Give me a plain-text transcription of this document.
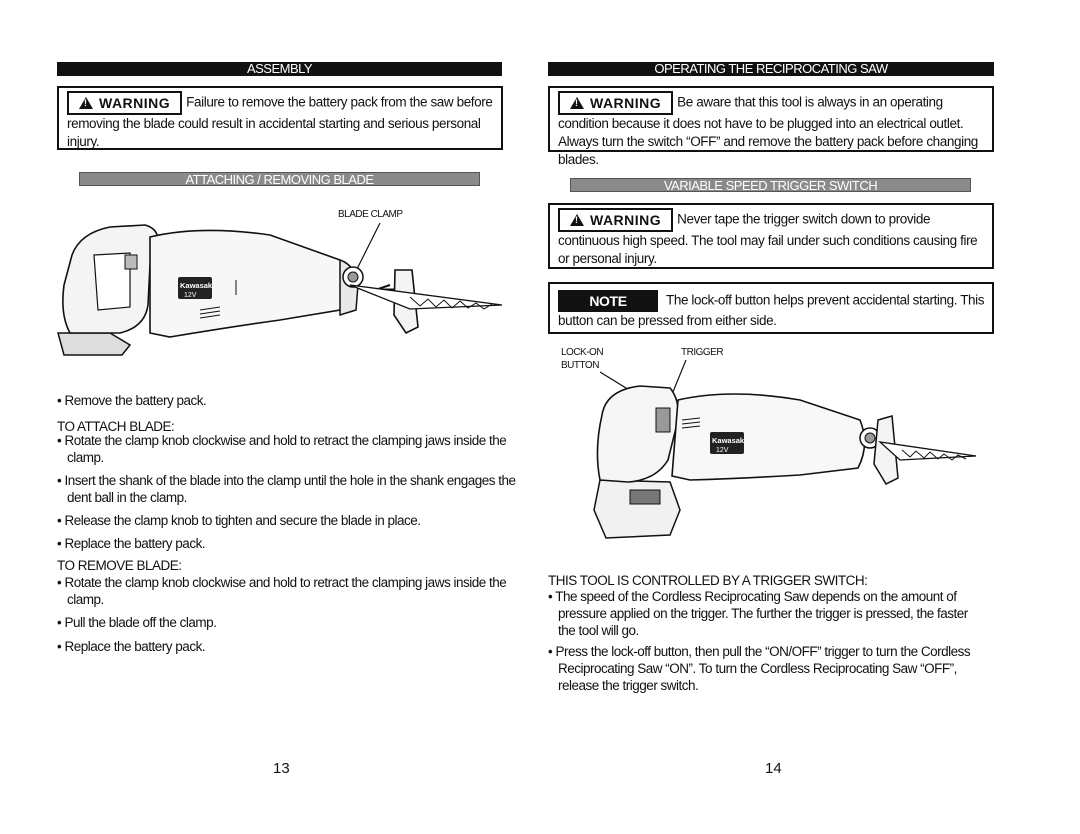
ASSEMBLY
!WARNING Failure to remove the battery pack from the saw before removing the blade could result in accidental starting and serious personal injury.
ATTACHING / REMOVING BLADE
BLADE CLAMP
Kawasaki
12V
• Remove the battery pack.
TO ATTACH BLADE:
• Rotate the clamp knob clockwise and hold to retract the clamping jaws inside the clamp.
• Insert the shank of the blade into the clamp until the hole in the shank engages the dent ball in the clamp.
• Release the clamp knob to tighten and secure the blade in place.
• Replace the battery pack.
TO REMOVE BLADE:
• Rotate the clamp knob clockwise and hold to retract the clamping jaws inside the clamp.
• Pull the blade off the clamp.
• Replace the battery pack.
13
OPERATING THE RECIPROCATING SAW
!WARNING Be aware that this tool is always in an operating condition because it does not have to be plugged into an electrical outlet. Always turn the switch “OFF” and remove the battery pack before changing blades.
VARIABLE SPEED TRIGGER SWITCH
!WARNING Never tape the trigger switch down to provide continuous high speed. The tool may fail under such conditions causing fire or personal injury.
NOTE	The lock-off button helps prevent accidental starting. This button can be pressed from either side.
LOCK-ON
BUTTON
TRIGGER
Kawasaki
12V
THIS TOOL IS CONTROLLED BY A TRIGGER SWITCH:
• The speed of the Cordless Reciprocating Saw depends on the amount of pressure applied on the trigger. The further the trigger is pressed, the faster the tool will go.
• Press the lock-off button, then pull the “ON/OFF” trigger to turn the Cordless Reciprocating Saw “ON”. To turn the Cordless Reciprocating Saw “OFF”, release the trigger switch.
14
